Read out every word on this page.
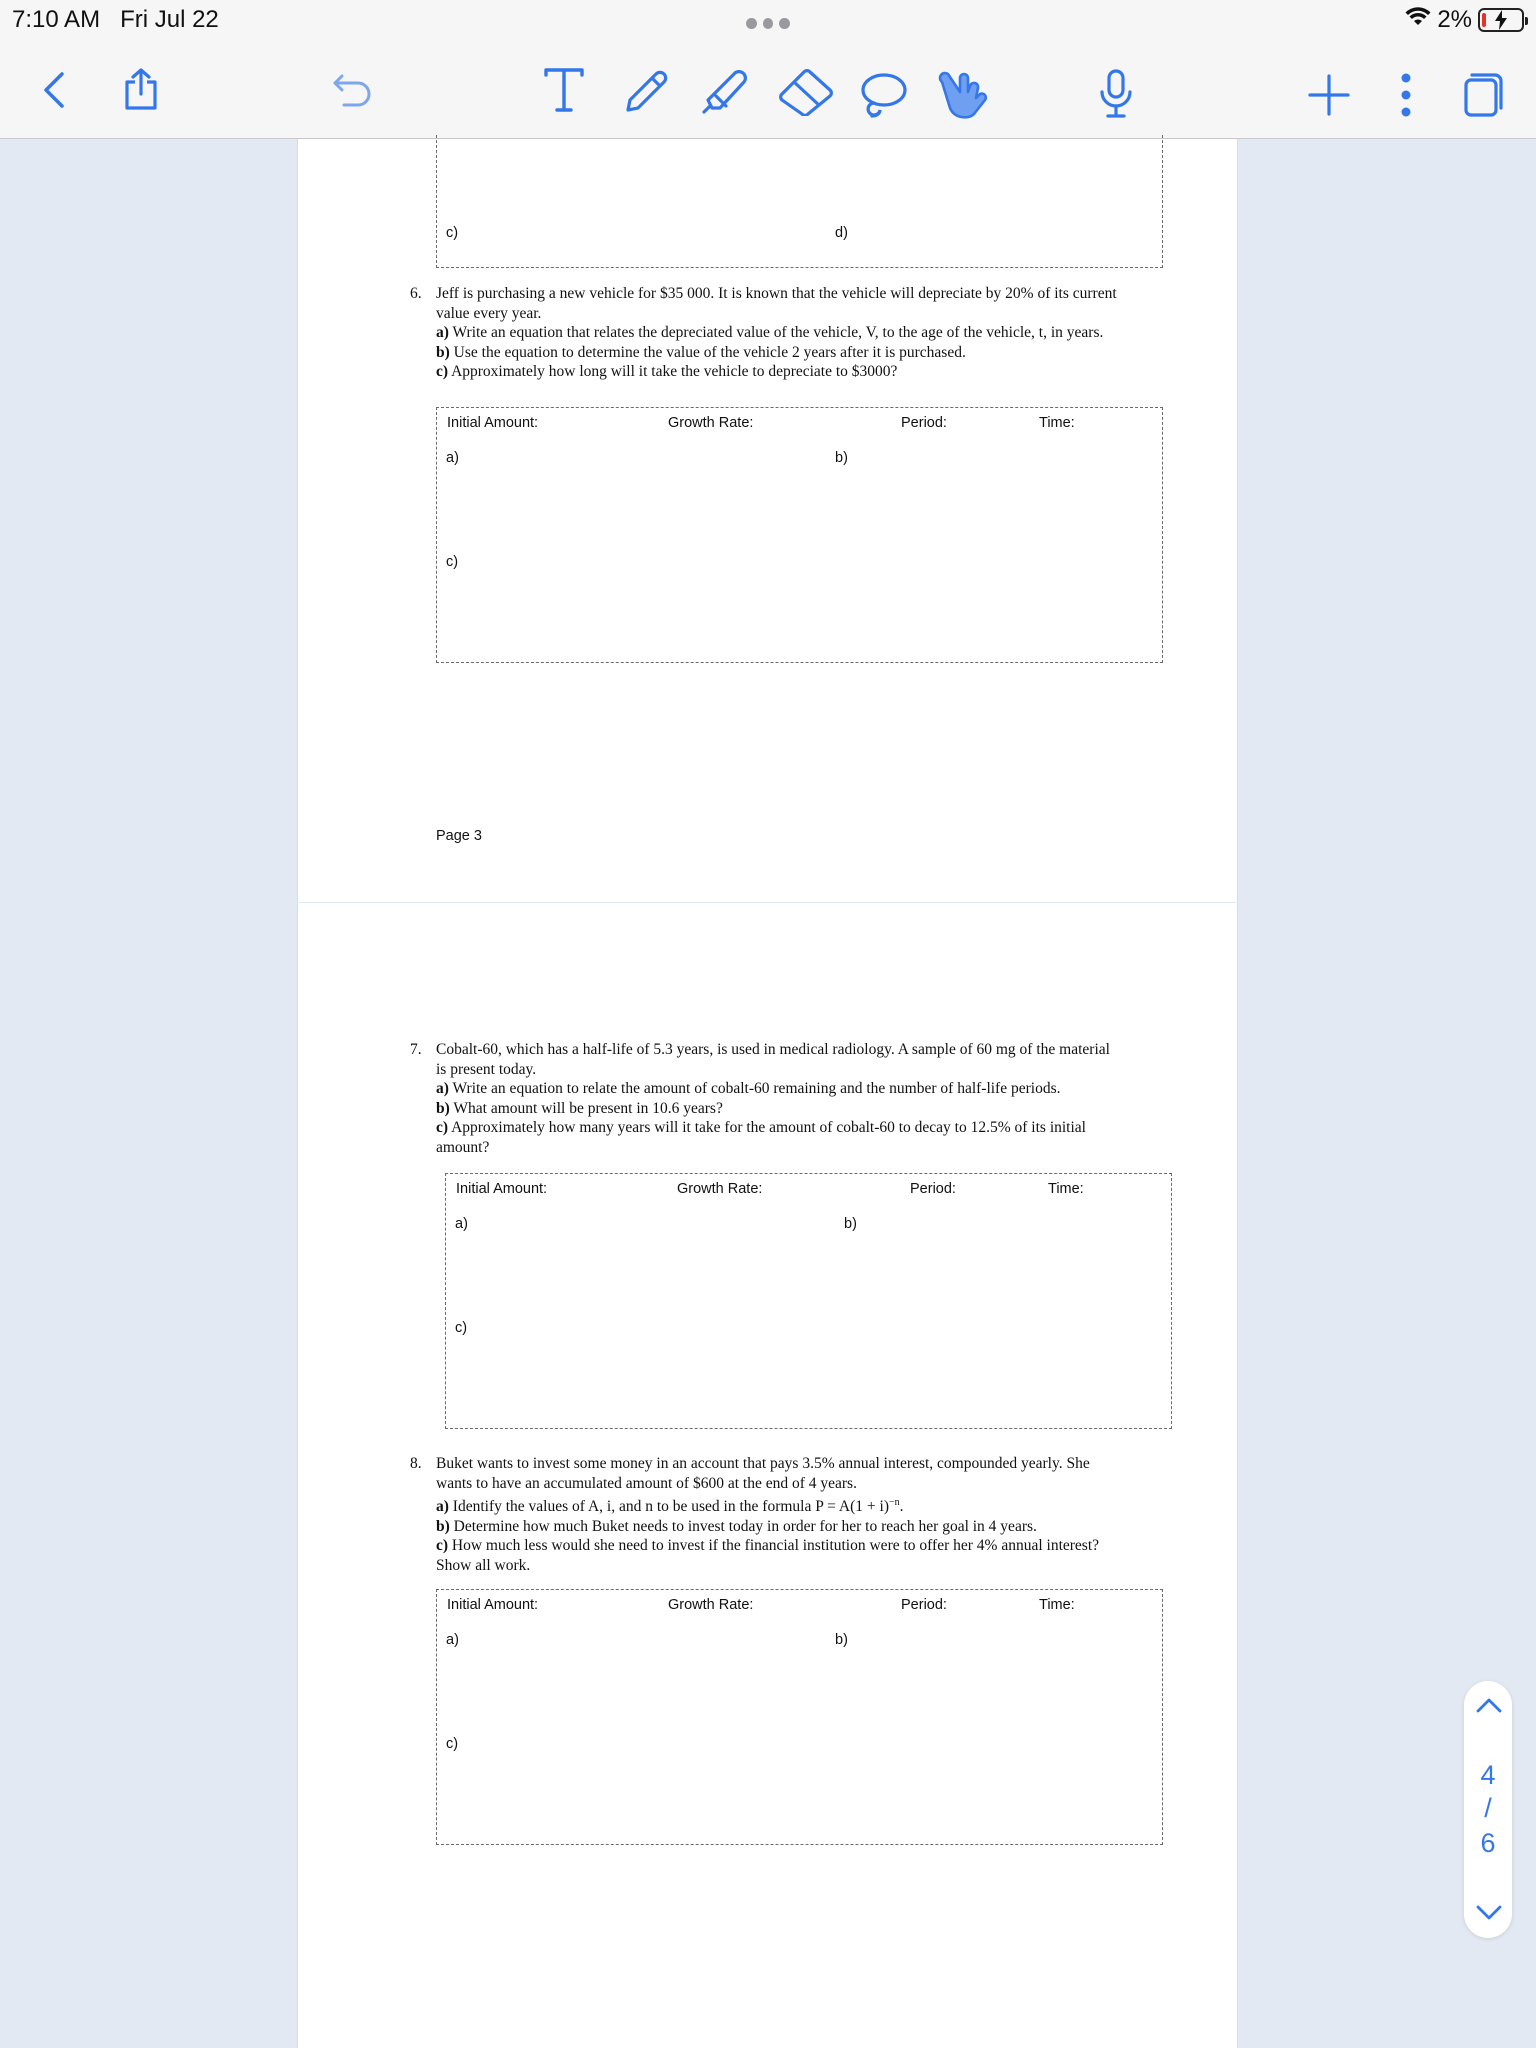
7:10 AM Fri Jul 22	2%
c)	d)
6. Jeff is purchasing a new vehicle for $35 000. It is known that the vehicle will depreciate by 20% of its current

value every year.

a) Write an equation that relates the depreciated value of the vehicle, V, to the age of the vehicle, t, in years.

b) Use the equation to determine the value of the vehicle 2 years after it is purchased.

c) Approximately how long will it take the vehicle to depreciate to $3000?

Initial Amount:	Growth Rate:	Period:	Time:
a)	b)
c)
Page 3
7. Cobalt-60, which has a half-life of 5.3 years, is used in medical radiology. A sample of 60 mg of the material

is present today.

a) Write an equation to relate the amount of cobalt-60 remaining and the number of half-life periods.

b) What amount will be present in 10.6 years?

c) Approximately how many years will it take for the amount of cobalt-60 to decay to 12.5% of its initial

amount?

Initial Amount:	Growth Rate:	Period:	Time:
a)	b)
c)
8. Buket wants to invest some money in an account that pays 3.5% annual interest, compounded yearly. She

wants to have an accumulated amount of $600 at the end of 4 years.

a) Identify the values of A, i, and n to be used in the formula $P = A(1 + i)^{-n}$.

b) Determine how much Buket needs to invest today in order for her to reach her goal in 4 years.

c) How much less would she need to invest if the financial institution were to offer her 4% annual interest?

Show all work.

Initial Amount:	Growth Rate:	Period:	Time:
a)	b)
c)
4
/
6
